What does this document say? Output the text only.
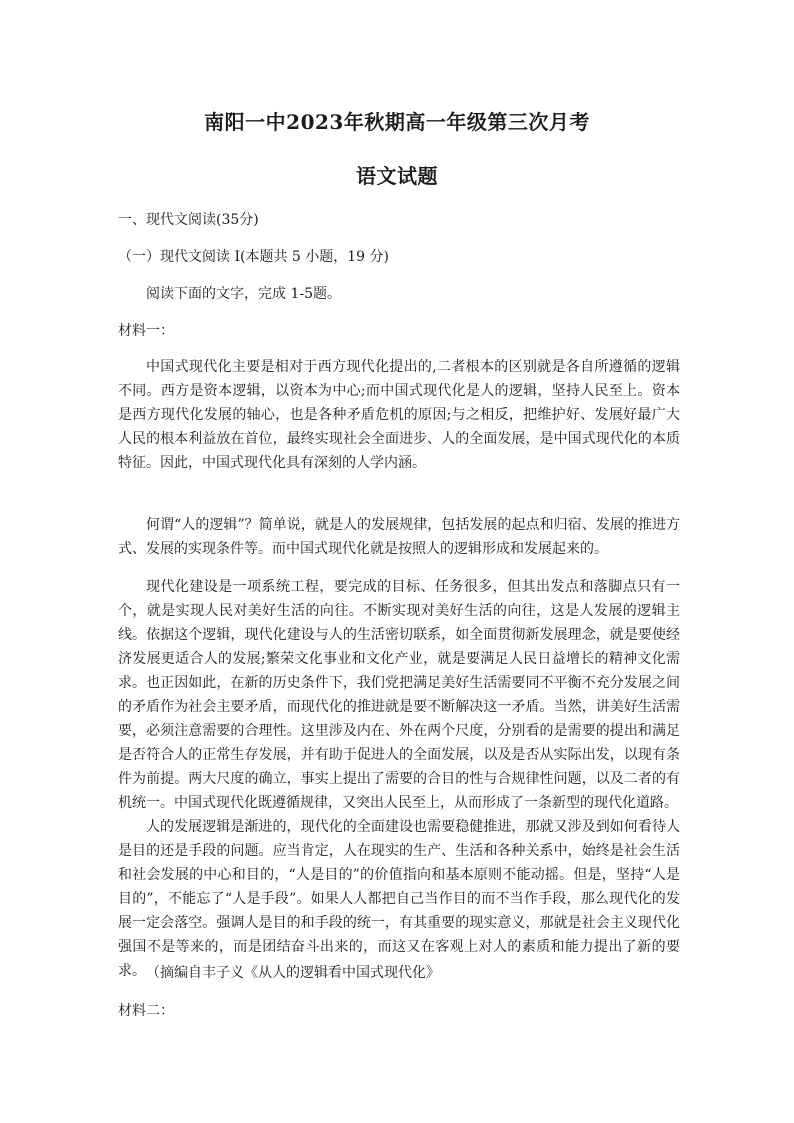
南阳一中2023年秋期高一年级第三次月考
语文试题
一、现代文阅读(35分)
（一）现代文阅读 I(本题共 5 小题，19 分)
阅读下面的文字，完成 1-5题。
材料一：
中国式现代化主要是相对于西方现代化提出的,二者根本的区别就是各自所遵循的逻辑不同。西方是资本逻辑，以资本为中心;而中国式现代化是人的逻辑，坚持人民至上。资本是西方现代化发展的轴心，也是各种矛盾危机的原因;与之相反，把维护好、发展好最广大人民的根本利益放在首位，最终实现社会全面进步、人的全面发展，是中国式现代化的本质特征。因此，中国式现代化具有深刻的人学内涵。
何谓“人的逻辑”？简单说，就是人的发展规律，包括发展的起点和归宿、发展的推进方式、发展的实现条件等。而中国式现代化就是按照人的逻辑形成和发展起来的。
现代化建设是一项系统工程，要完成的目标、任务很多，但其出发点和落脚点只有一个，就是实现人民对美好生活的向往。不断实现对美好生活的向往，这是人发展的逻辑主线。依据这个逻辑，现代化建设与人的生活密切联系，如全面贯彻新发展理念，就是要使经济发展更适合人的发展;繁荣文化事业和文化产业，就是要满足人民日益增长的精神文化需求。也正因如此，在新的历史条件下，我们党把满足美好生活需要同不平衡不充分发展之间的矛盾作为社会主要矛盾，而现代化的推进就是要不断解决这一矛盾。当然，讲美好生活需要，必须注意需要的合理性。这里涉及内在、外在两个尺度，分别看的是需要的提出和满足是否符合人的正常生存发展，并有助于促进人的全面发展，以及是否从实际出发，以现有条件为前提。两大尺度的确立，事实上提出了需要的合目的性与合规律性问题，以及二者的有机统一。中国式现代化既遵循规律，又突出人民至上，从而形成了一条新型的现代化道路。
人的发展逻辑是渐进的，现代化的全面建设也需要稳健推进，那就又涉及到如何看待人是目的还是手段的问题。应当肯定，人在现实的生产、生活和各种关系中，始终是社会生活和社会发展的中心和目的，“人是目的”的价值指向和基本原则不能动摇。但是，坚持“人是目的”，不能忘了“人是手段”。如果人人都把自己当作目的而不当作手段，那么现代化的发展一定会落空。强调人是目的和手段的统一，有其重要的现实意义，那就是社会主义现代化强国不是等来的，而是团结奋斗出来的，而这又在客观上对人的素质和能力提出了新的要求。 （摘编自丰子义《从人的逻辑看中国式现代化》
材料二：
